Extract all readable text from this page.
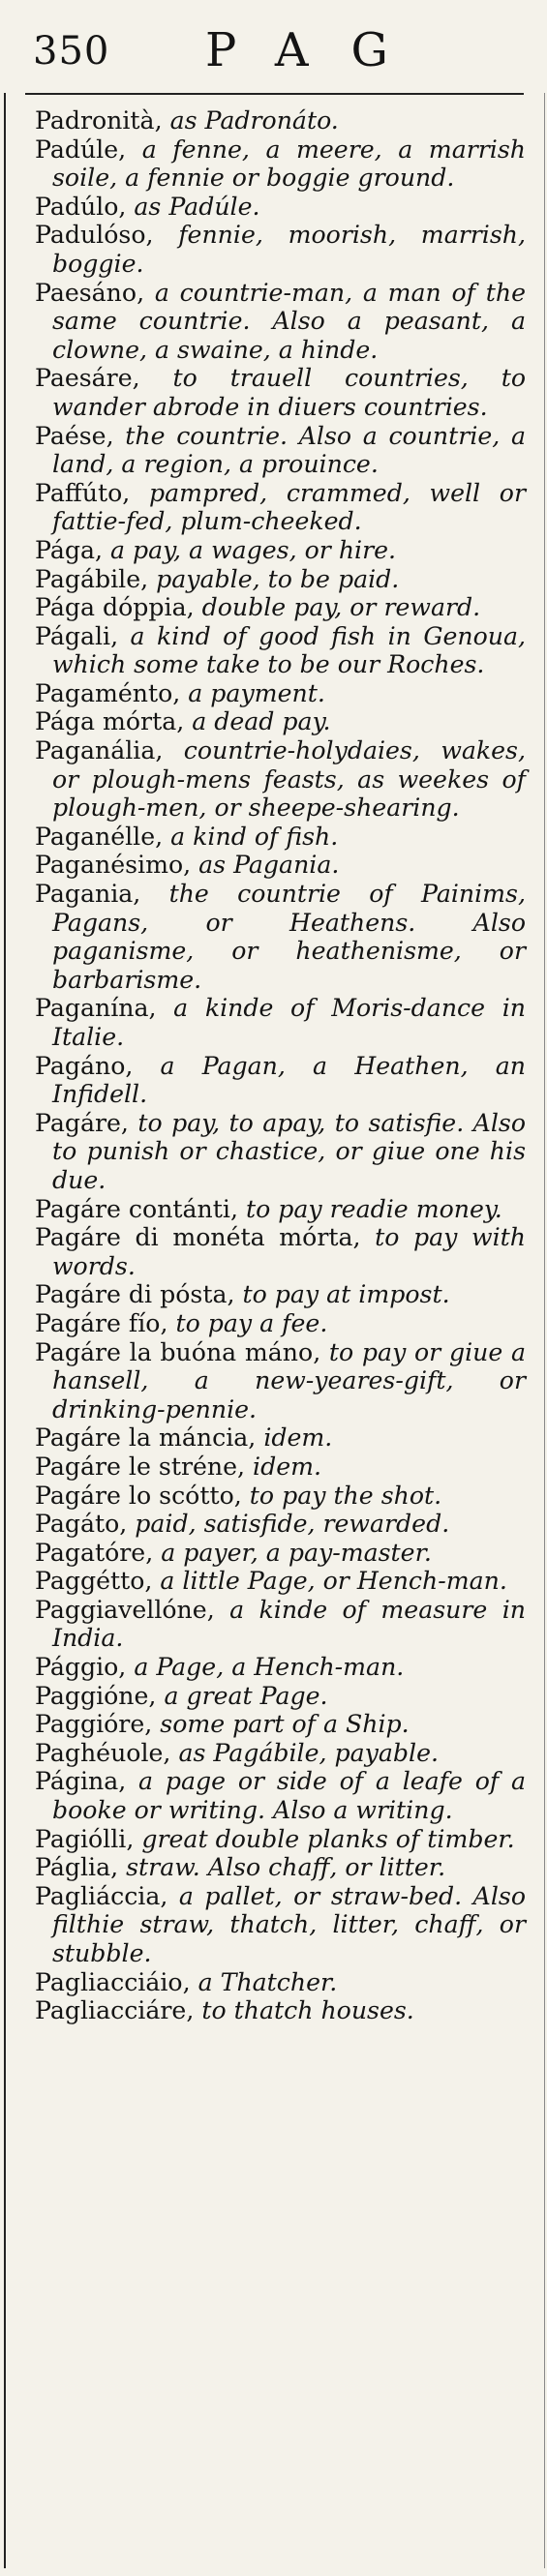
350 PAG

Padronità, as Padronáto.

Padúle, a fenne, a meere, a marrish soile, a fennie or boggie ground.

Padúlo, as Padúle.

Padulóso, fennie, moorish, marrish, boggie.

Paesáno, a countrie-man, a man of the same countrie. Also a peasant, a clowne, a swaine, a hinde.

Paesáre, to trauell countries, to wander abrode in diuers countries.

Paése, the countrie. Also a countrie, a land, a region, a prouince.

Paffúto, pampred, crammed, well or fattie-fed, plum-cheeked.

Pága, a pay, a wages, or hire.

Pagábile, payable, to be paid.

Pága dóppia, double pay, or reward.

Págali, a kind of good fish in Genoua, which some take to be our Roches.

Pagaménto, a payment.

Pága mórta, a dead pay.

Paganália, countrie-holydaies, wakes, or plough-mens feasts, as weekes of plough-men, or sheepe-shearing.

Paganélle, a kind of fish.

Paganésimo, as Pagania.

Pagania, the countrie of Painims, Pagans, or Heathens. Also paganisme, or heathenisme, or barbarisme.

Paganína, a kinde of Moris-dance in Italie.

Pagáno, a Pagan, a Heathen, an Infidell.

Pagáre, to pay, to apay, to satisfie. Also to punish or chastice, or giue one his due.

Pagáre contánti, to pay readie money.

Pagáre di monéta mórta, to pay with words.

Pagáre di pósta, to pay at impost.

Pagáre fío, to pay a fee.

Pagáre la buóna máno, to pay or giue a hansell, a new-yeares-gift, or drinking-pennie.

Pagáre la máncia, idem.

Pagáre le stréne, idem.

Pagáre lo scótto, to pay the shot.

Pagáto, paid, satisfide, rewarded.

Pagatóre, a payer, a pay-master.

Paggétto, a little Page, or Hench-man.

Paggiavellóne, a kinde of measure in India.

Pággio, a Page, a Hench-man.

Paggióne, a great Page.

Paggióre, some part of a Ship.

Paghéuole, as Pagábile, payable.

Página, a page or side of a leafe of a booke or writing. Also a writing.

Pagiólli, great double planks of timber.

Páglia, straw. Also chaff, or litter.

Pagliáccia, a pallet, or straw-bed. Also filthie straw, thatch, litter, chaff, or stubble.

Pagliacciáio, a Thatcher.

Pagliacciáre, to thatch houses.
